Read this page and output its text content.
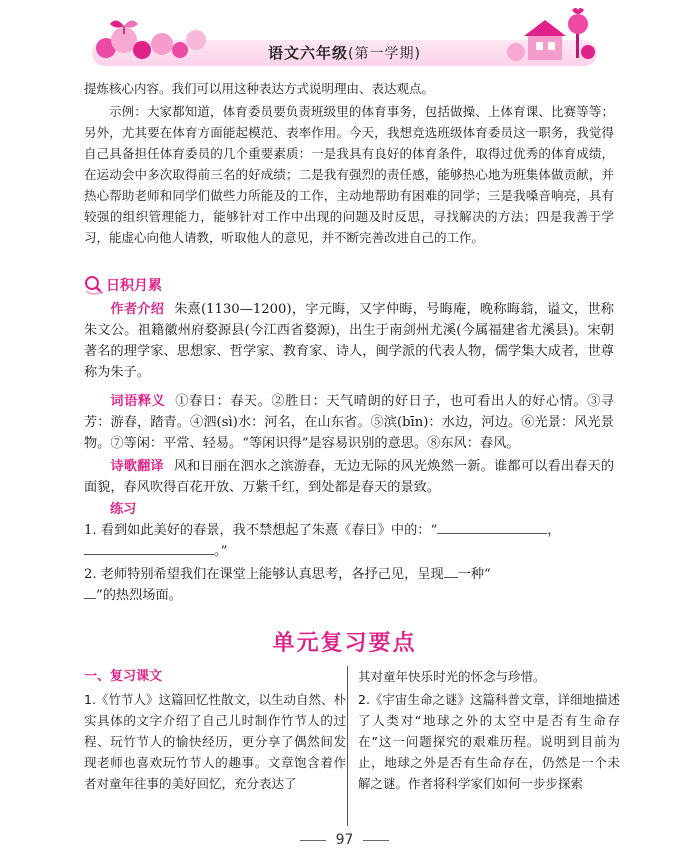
语文六年级(第一学期)
提炼核心内容。我们可以用这种表达方式说明理由、表达观点。
示例：大家都知道，体育委员要负责班级里的体育事务，包括做操、上体育课、比赛等等；另外，尤其要在体育方面能起模范、表率作用。今天，我想竞选班级体育委员这一职务，我觉得自己具备担任体育委员的几个重要素质：一是我具有良好的体育条件，取得过优秀的体育成绩，在运动会中多次取得前三名的好成绩；二是我有强烈的责任感，能够热心地为班集体做贡献，并热心帮助老师和同学们做些力所能及的工作，主动地帮助有困难的同学；三是我嗓音响亮，具有较强的组织管理能力，能够针对工作中出现的问题及时反思，寻找解决的方法；四是我善于学习，能虚心向他人请教，听取他人的意见，并不断完善改进自己的工作。
日积月累
作者介绍 朱熹(1130—1200)，字元晦，又字仲晦，号晦庵，晚称晦翁，谥文，世称朱文公。祖籍徽州府婺源县(今江西省婺源)，出生于南剑州尤溪(今属福建省尤溪县)。宋朝著名的理学家、思想家、哲学家、教育家、诗人，闽学派的代表人物，儒学集大成者，世尊称为朱子。
词语释义 ①春日：春天。②胜日：天气晴朗的好日子，也可看出人的好心情。③寻芳：游春，踏青。④泗(sì)水：河名，在山东省。⑤滨(bīn)：水边，河边。⑥光景：风光景物。⑦等闲：平常、轻易。“等闲识得”是容易识别的意思。⑧东风：春风。
诗歌翻译 风和日丽在泗水之滨游春，无边无际的风光焕然一新。谁都可以看出春天的面貌，春风吹得百花开放、万紫千红，到处都是春天的景致。
练习
1. 看到如此美好的春景，我不禁想起了朱熹《春日》中的：“	，
。”
2. 老师特别希望我们在课堂上能够认真思考，各抒己见，呈现 一种“
”的热烈场面。
单元复习要点
一、复习课文
1.《竹节人》这篇回忆性散文，以生动自然、朴实具体的文字介绍了自己儿时制作竹节人的过程、玩竹节人的愉快经历，更分享了偶然间发现老师也喜欢玩竹节人的趣事。文章饱含着作者对童年往事的美好回忆，充分表达了
其对童年快乐时光的怀念与珍惜。
2.《宇宙生命之谜》这篇科普文章，详细地描述了人类对“地球之外的太空中是否有生命存在”这一问题探究的艰难历程。说明到目前为止，地球之外是否有生命存在，仍然是一个未解之谜。作者将科学家们如何一步步探索
97
